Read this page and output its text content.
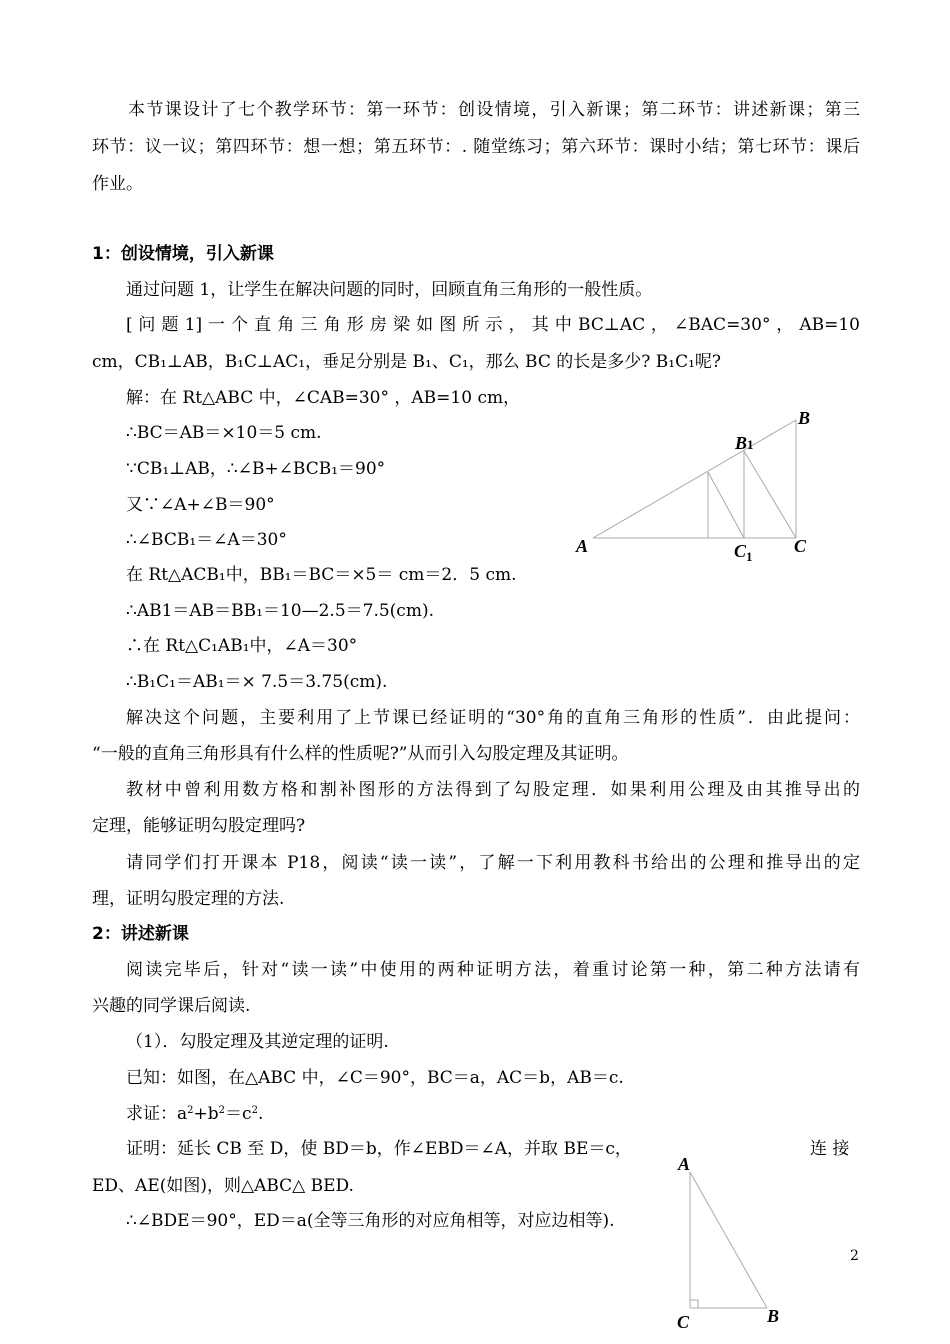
本节课设计了七个教学环节：第一环节：创设情境，引入新课；第二环节：讲述新课；第三
环节：议一议；第四环节：想一想；第五环节：. 随堂练习；第六环节：课时小结；第七环节：课后
作业。
1：创设情境，引入新课
通过问题 1，让学生在解决问题的同时，回顾直角三角形的一般性质。
[ 问 题 1] 一 个 直 角 三 角 形 房 梁 如 图 所 示 ， 其 中 BC⊥AC ， ∠BAC=30° ， AB=10
cm，CB₁⊥AB，B₁C⊥AC₁，垂足分别是 B₁、C₁，那么 BC 的长是多少? B₁C₁呢?
解：在 Rt△ABC 中，∠CAB=30° ，AB=10 cm，
∴BC＝AB＝×10＝5 cm.
∵CB₁⊥AB，∴∠B+∠BCB₁＝90°
又∵∠A+∠B＝90°
∴∠BCB₁＝∠A＝30°
在 Rt△ACB₁中，BB₁＝BC＝×5＝ cm＝2．5 cm.
∴AB1＝AB＝BB₁＝10—2.5＝7.5(cm).
∴在 Rt△C₁AB₁中，∠A＝30°
∴B₁C₁＝AB₁＝× 7.5＝3.75(cm).
A
B
C
B1
$C_1$
解决这个问题，主要利用了上节课已经证明的“30°角的直角三角形的性质”．由此提问：
“一般的直角三角形具有什么样的性质呢?”从而引入勾股定理及其证明。
教材中曾利用数方格和割补图形的方法得到了勾股定理．如果利用公理及由其推导出的
定理，能够证明勾股定理吗?
请同学们打开课本 P18，阅读“读一读”，了解一下利用教科书给出的公理和推导出的定
理，证明勾股定理的方法.
2：讲述新课
阅读完毕后，针对“读一读”中使用的两种证明方法，着重讨论第一种，第二种方法请有
兴趣的同学课后阅读.
（1）．勾股定理及其逆定理的证明.
已知：如图，在△ABC 中，∠C＝90°，BC＝a，AC＝b，AB＝c.
求证：$a^2+b^2=c^2$.
证明：延长 CB 至 D，使 BD＝b，作∠EBD＝∠A，并取 BE＝c，	连 接
ED、AE(如图)，则△ABC△ BED.
∴∠BDE＝90°，ED＝a(全等三角形的对应角相等，对应边相等).
A
B
C
2
